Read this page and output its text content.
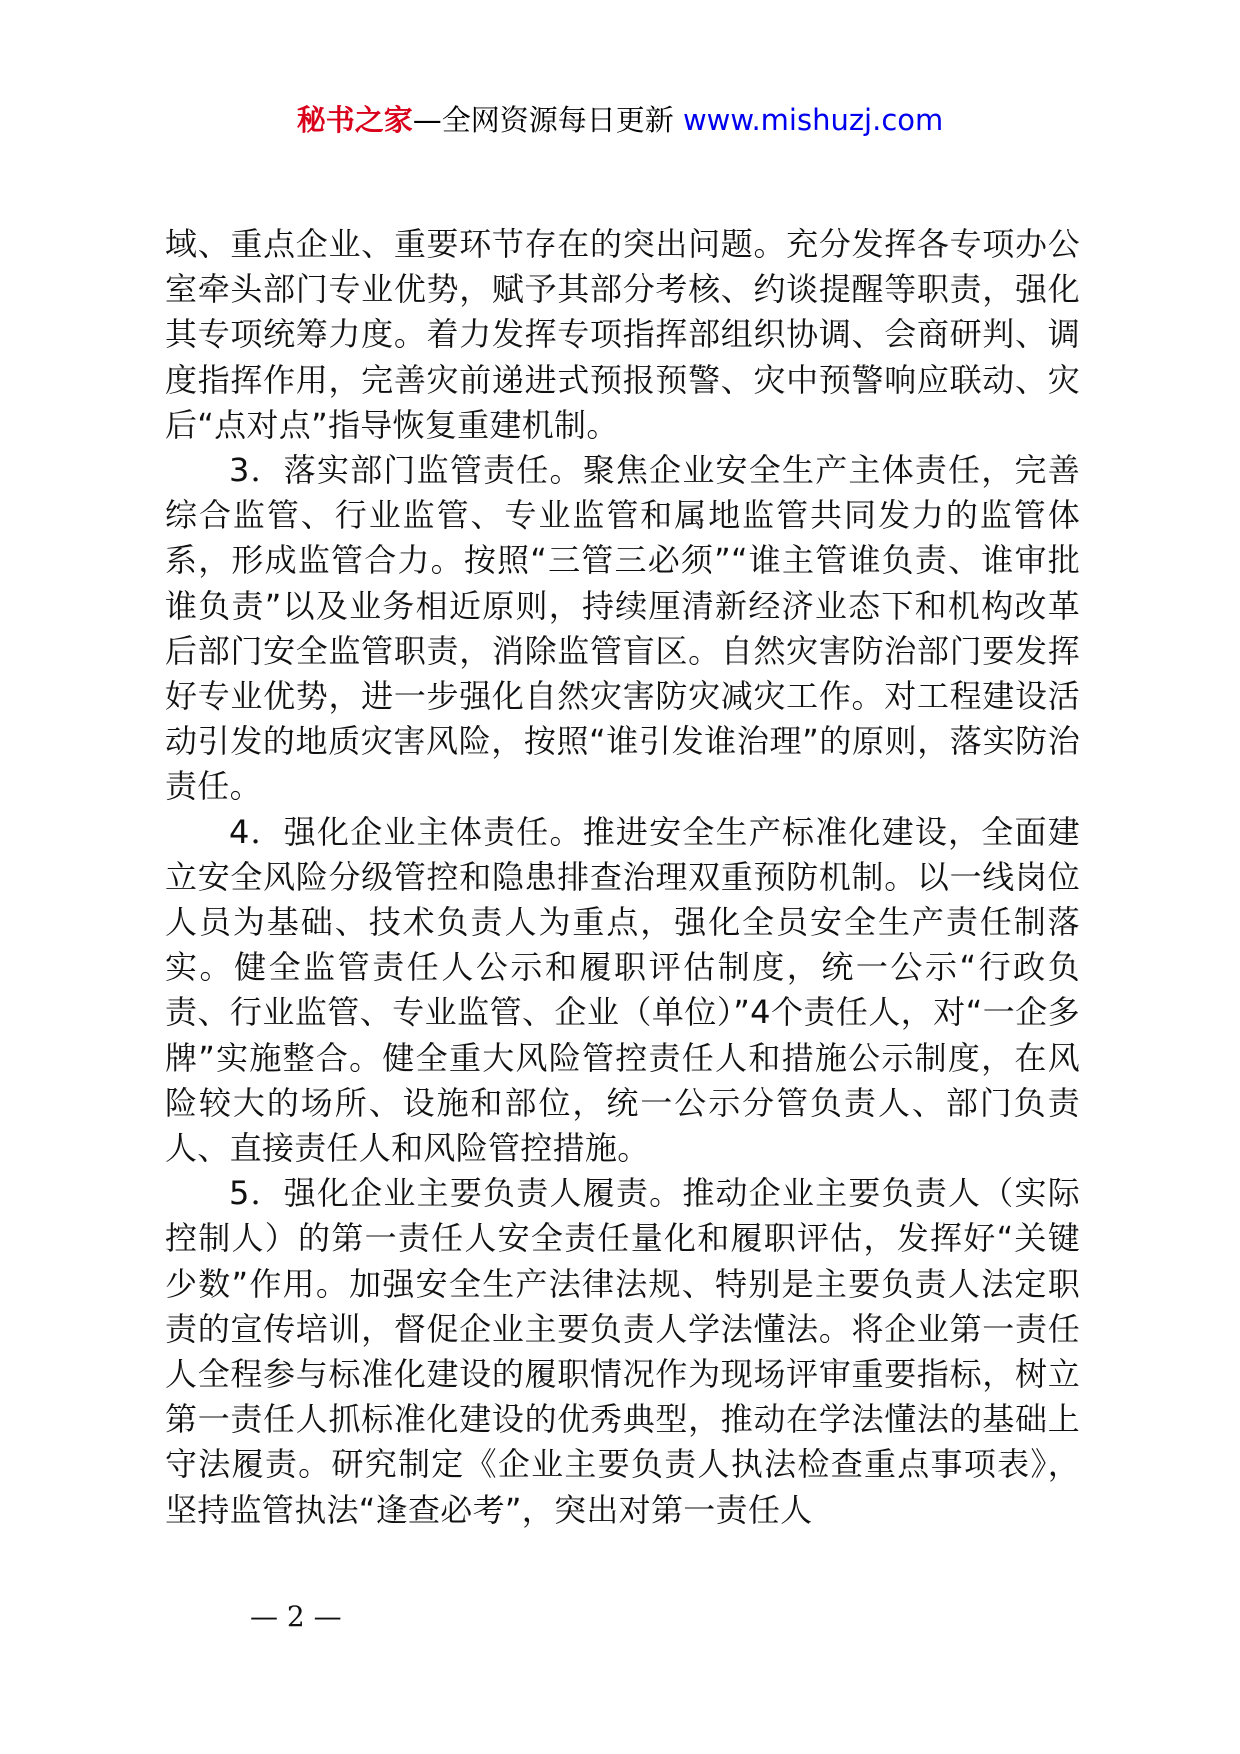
秘书之家—全网资源每日更新 www.mishuzj.com

域、重点企业、重要环节存在的突出问题。充分发挥各专项办公室牵头部门专业优势，赋予其部分考核、约谈提醒等职责，强化其专项统筹力度。着力发挥专项指挥部组织协调、会商研判、调度指挥作用，完善灾前递进式预报预警、灾中预警响应联动、灾后“点对点”指导恢复重建机制。

3．落实部门监管责任。聚焦企业安全生产主体责任，完善综合监管、行业监管、专业监管和属地监管共同发力的监管体系，形成监管合力。按照“三管三必须”“谁主管谁负责、谁审批谁负责”以及业务相近原则，持续厘清新经济业态下和机构改革后部门安全监管职责，消除监管盲区。自然灾害防治部门要发挥好专业优势，进一步强化自然灾害防灾减灾工作。对工程建设活动引发的地质灾害风险，按照“谁引发谁治理”的原则，落实防治责任。

4．强化企业主体责任。推进安全生产标准化建设，全面建立安全风险分级管控和隐患排查治理双重预防机制。以一线岗位人员为基础、技术负责人为重点，强化全员安全生产责任制落实。健全监管责任人公示和履职评估制度，统一公示“行政负责、行业监管、专业监管、企业（单位）”4个责任人，对“一企多牌”实施整合。健全重大风险管控责任人和措施公示制度，在风险较大的场所、设施和部位，统一公示分管负责人、部门负责人、直接责任人和风险管控措施。

5．强化企业主要负责人履责。推动企业主要负责人（实际控制人）的第一责任人安全责任量化和履职评估，发挥好“关键少数”作用。加强安全生产法律法规、特别是主要负责人法定职责的宣传培训，督促企业主要负责人学法懂法。将企业第一责任人全程参与标准化建设的履职情况作为现场评审重要指标，树立第一责任人抓标准化建设的优秀典型，推动在学法懂法的基础上守法履责。研究制定《企业主要负责人执法检查重点事项表》，坚持监管执法“逢查必考”，突出对第一责任人

— 2 —
